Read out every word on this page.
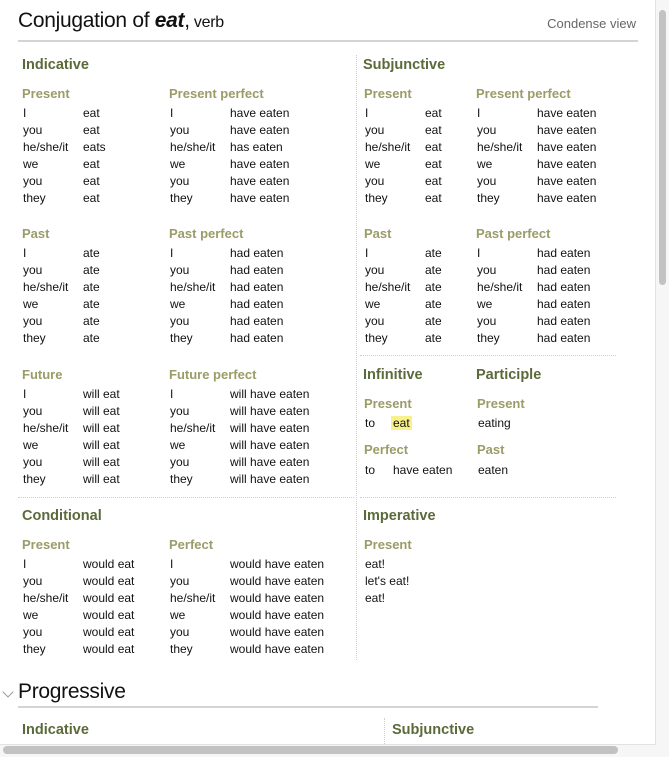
Conjugation of eat, verb	Condense view
Indicative
Present
I	eat
you	eat
he/she/it	eats
we	eat
you	eat
they	eat
Present perfect
I	have eaten
you	have eaten
he/she/it	has eaten
we	have eaten
you	have eaten
they	have eaten
Past
I	ate
you	ate
he/she/it	ate
we	ate
you	ate
they	ate
Past perfect
I	had eaten
you	had eaten
he/she/it	had eaten
we	had eaten
you	had eaten
they	had eaten
Future
I	will eat
you	will eat
he/she/it	will eat
we	will eat
you	will eat
they	will eat
Future perfect
I	will have eaten
you	will have eaten
he/she/it	will have eaten
we	will have eaten
you	will have eaten
they	will have eaten
Conditional
Present
I	would eat
you	would eat
he/she/it	would eat
we	would eat
you	would eat
they	would eat
Perfect
I	would have eaten
you	would have eaten
he/she/it	would have eaten
we	would have eaten
you	would have eaten
they	would have eaten
Subjunctive
Present
I	eat
you	eat
he/she/it	eat
we	eat
you	eat
they	eat
Present perfect
I	have eaten
you	have eaten
he/she/it	have eaten
we	have eaten
you	have eaten
they	have eaten
Past
I	ate
you	ate
he/she/it	ate
we	ate
you	ate
they	ate
Past perfect
I	had eaten
you	had eaten
he/she/it	had eaten
we	had eaten
you	had eaten
they	had eaten
Infinitive
Present
to	eat
Perfect
to	have eaten
Participle
Present
eating
Past
eaten
Imperative
Present
eat!
let's eat!
eat!
Progressive
Indicative	Subjunctive
